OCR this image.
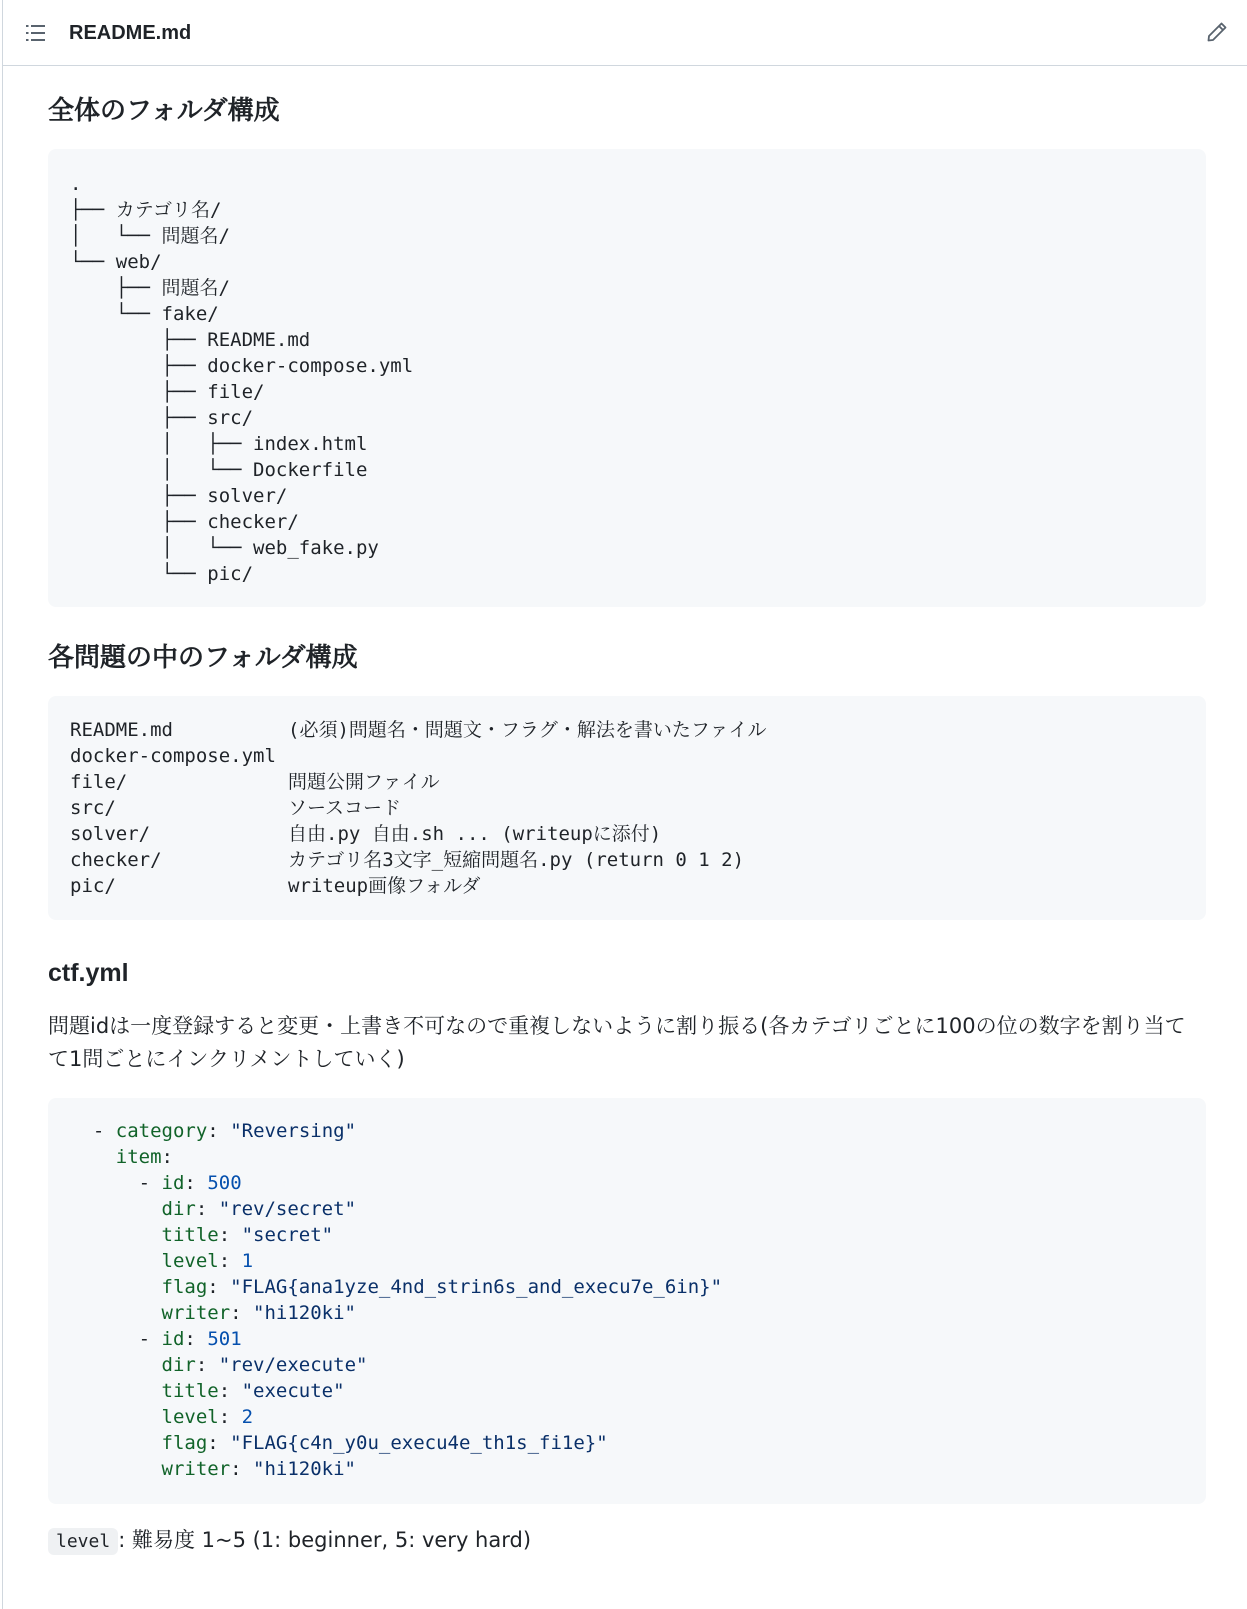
README.md
全体のフォルダ構成
.
├── カテゴリ名/
│   └── 問題名/
└── web/
├── 問題名/
└── fake/
├── README.md
├── docker-compose.yml
├── file/
├── src/
│   ├── index.html
│   └── Dockerfile
├── solver/
├── checker/
│   └── web_fake.py
└── pic/
各問題の中のフォルダ構成
README.md	(必須)問題名・問題文・フラグ・解法を書いたファイル
docker-compose.yml
file/	問題公開ファイル
src/	ソースコード
solver/	自由.py 自由.sh ... (writeupに添付)
checker/	カテゴリ名3文字_短縮問題名.py (return 0 1 2)
pic/	writeup画像フォルダ
ctf.yml

問題idは一度登録すると変更・上書き不可なので重複しないように割り振る(各カテゴリごとに100の位の数字を割り当てて1問ごとにインクリメントしていく)

- category: "Reversing"
item:
- id: 500
dir: "rev/secret"
title: "secret"
level: 1
flag: "FLAG{ana1yze_4nd_strin6s_and_execu7e_6in}"
writer: "hi120ki"
- id: 501
dir: "rev/execute"
title: "execute"
level: 2
flag: "FLAG{c4n_y0u_execu4e_th1s_fi1e}"
writer: "hi120ki"
level : 難易度 1~5 (1: beginner, 5: very hard)
